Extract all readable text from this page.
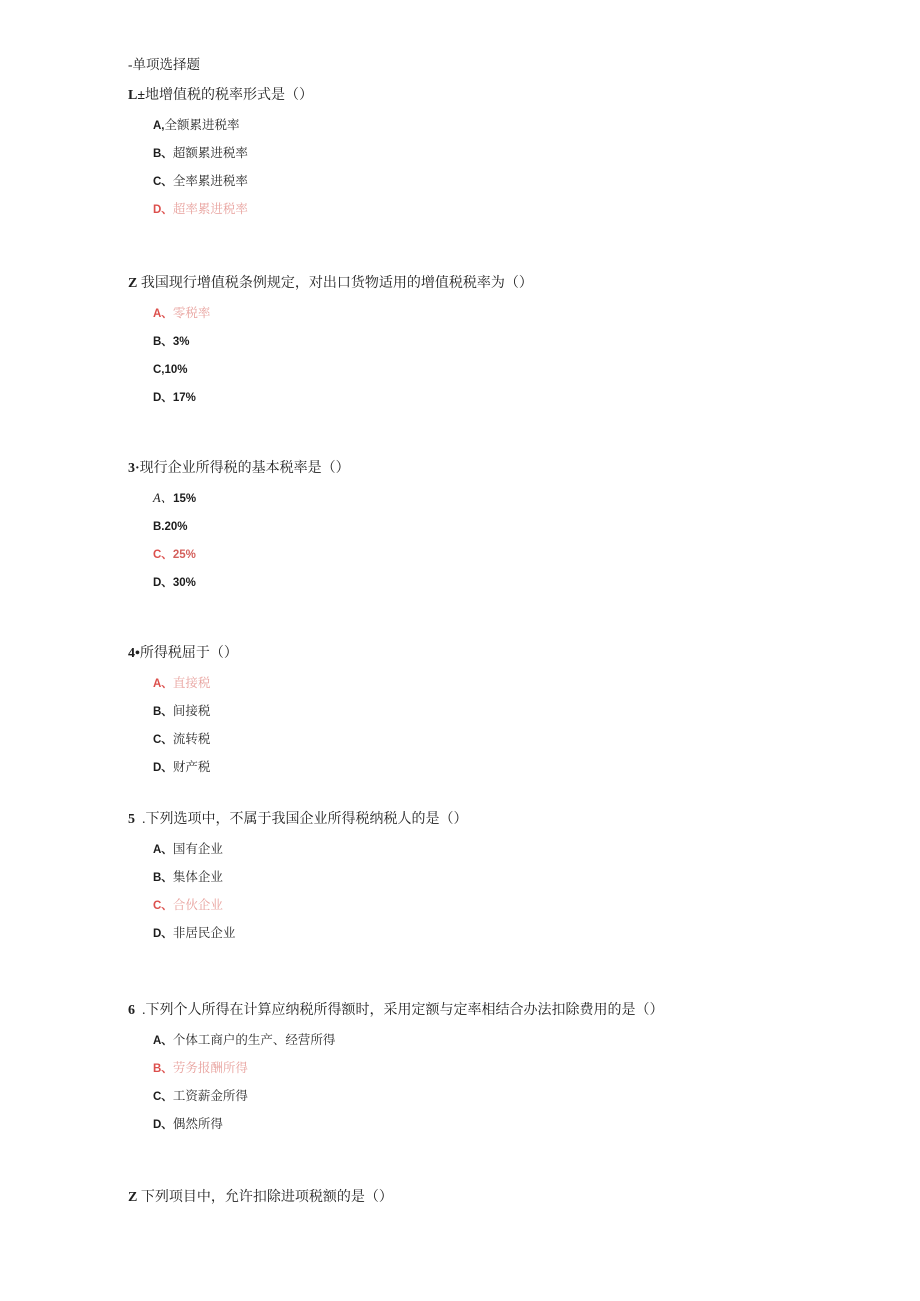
-单项选择题
L±地增值税的税率形式是（）
A,全额累进税率
B、超额累进税率
C、全率累进税率
D、超率累进税率
Z 我国现行增值税条例规定，对出口货物适用的增值税税率为（）
A、零税率
B、3%
C,10%
D、17%
3·现行企业所得税的基本税率是（）
A、15%
B.20%
C、25%
D、30%
4•所得税屈于（）
A、直接税
B、间接税
C、流转税
D、财产税
5  .下列选项中，不属于我国企业所得税纳税人的是（）
A、国有企业
B、集体企业
C、合伙企业
D、非居民企业
6  .下列个人所得在计算应纳税所得额时，采用定额与定率相结合办法扣除费用的是（）
A、个体工商户的生产、经营所得
B、劳务报酬所得
C、工资薪金所得
D、偶然所得
Z 下列项目中，允许扣除进项税额的是（）
